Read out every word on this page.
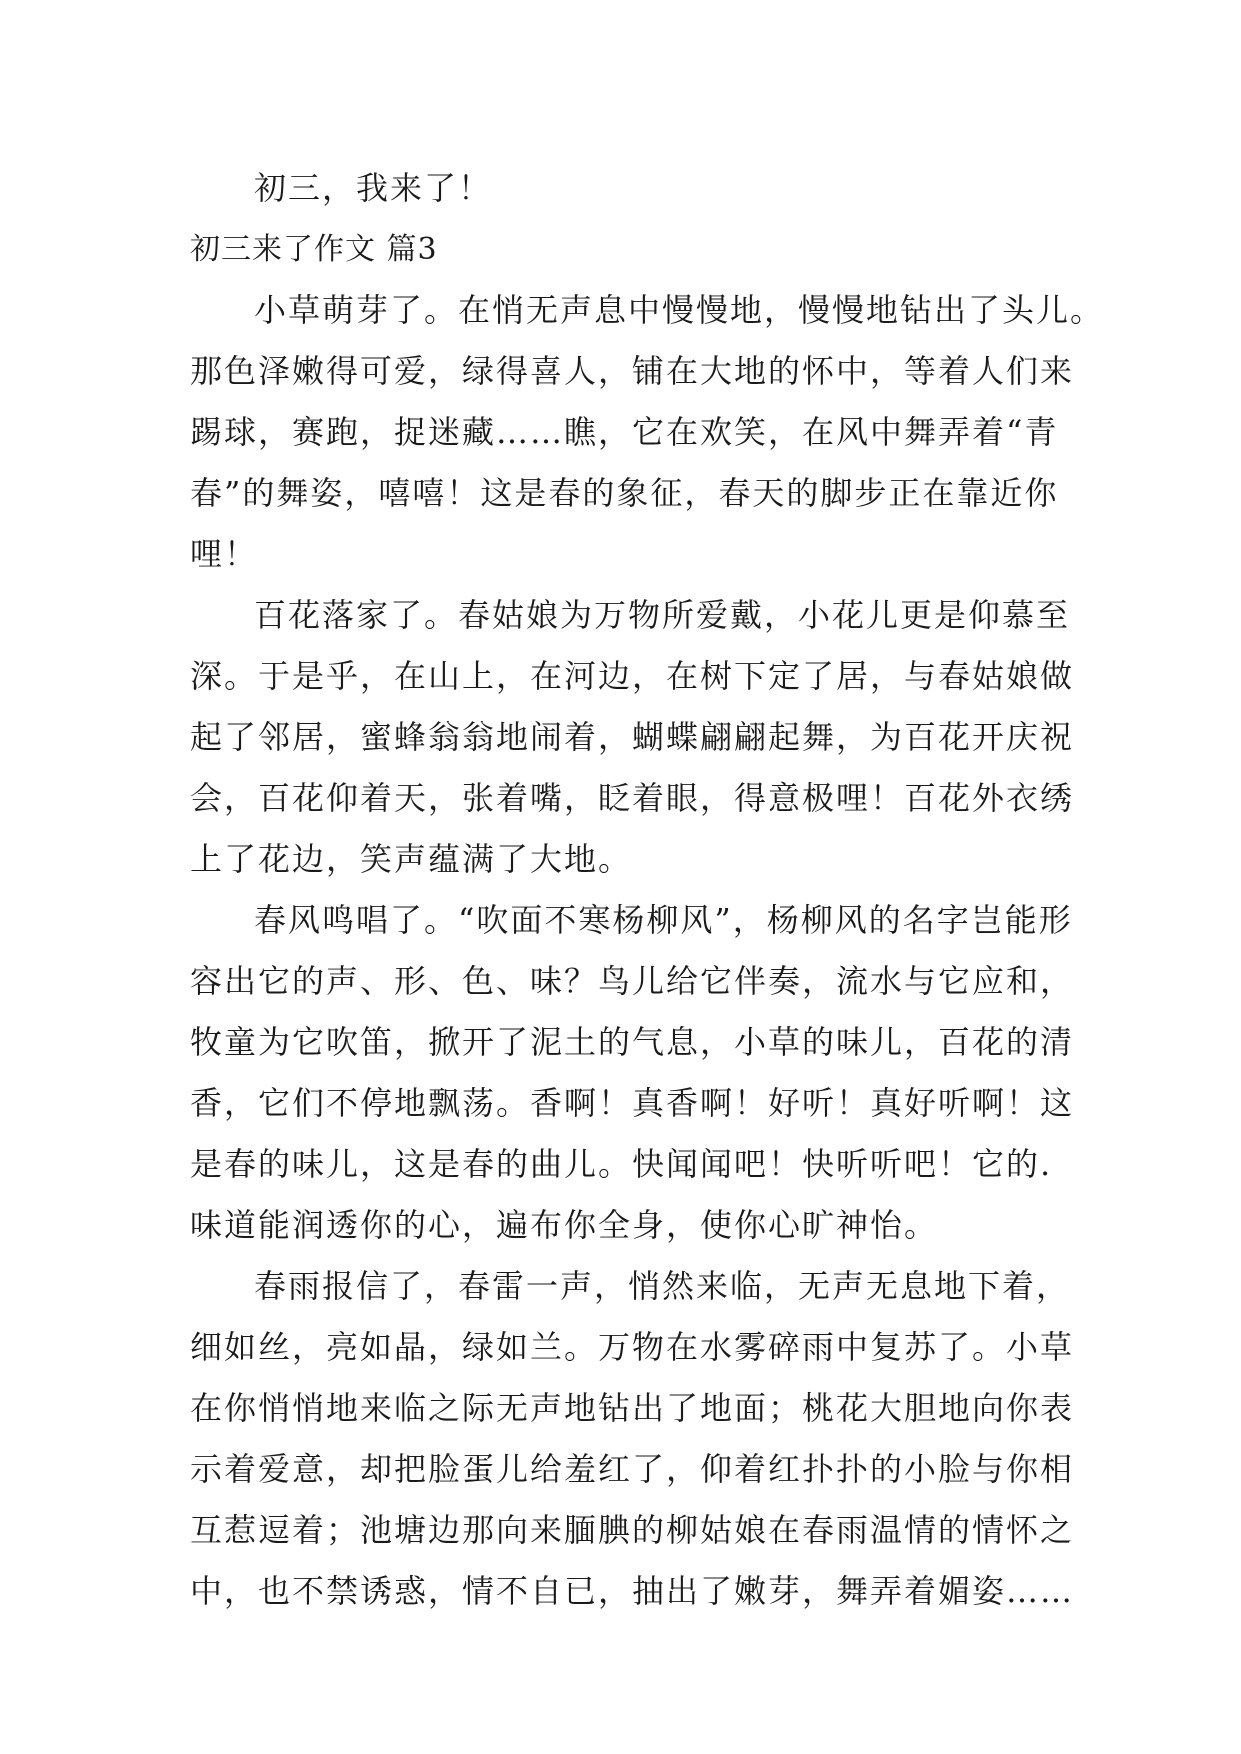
初三，我来了！
初三来了作文 篇3
小草萌芽了。在悄无声息中慢慢地，慢慢地钻出了头儿。
那色泽嫩得可爱，绿得喜人，铺在大地的怀中，等着人们来
踢球，赛跑，捉迷藏……瞧，它在欢笑，在风中舞弄着“青
春”的舞姿，嘻嘻！这是春的象征，春天的脚步正在靠近你
哩！
百花落家了。春姑娘为万物所爱戴，小花儿更是仰慕至
深。于是乎，在山上，在河边，在树下定了居，与春姑娘做
起了邻居，蜜蜂翁翁地闹着，蝴蝶翩翩起舞，为百花开庆祝
会，百花仰着天，张着嘴，眨着眼，得意极哩！百花外衣绣
上了花边，笑声蕴满了大地。
春风鸣唱了。“吹面不寒杨柳风”，杨柳风的名字岂能形
容出它的声、形、色、味？鸟儿给它伴奏，流水与它应和，
牧童为它吹笛，掀开了泥土的气息，小草的味儿，百花的清
香，它们不停地飘荡。香啊！真香啊！好听！真好听啊！这
是春的味儿，这是春的曲儿。快闻闻吧！快听听吧！它的.
味道能润透你的心，遍布你全身，使你心旷神怡。
春雨报信了，春雷一声，悄然来临，无声无息地下着，
细如丝，亮如晶，绿如兰。万物在水雾碎雨中复苏了。小草
在你悄悄地来临之际无声地钻出了地面；桃花大胆地向你表
示着爱意，却把脸蛋儿给羞红了，仰着红扑扑的小脸与你相
互惹逗着；池塘边那向来腼腆的柳姑娘在春雨温情的情怀之
中，也不禁诱惑，情不自已，抽出了嫩芽，舞弄着媚姿……
